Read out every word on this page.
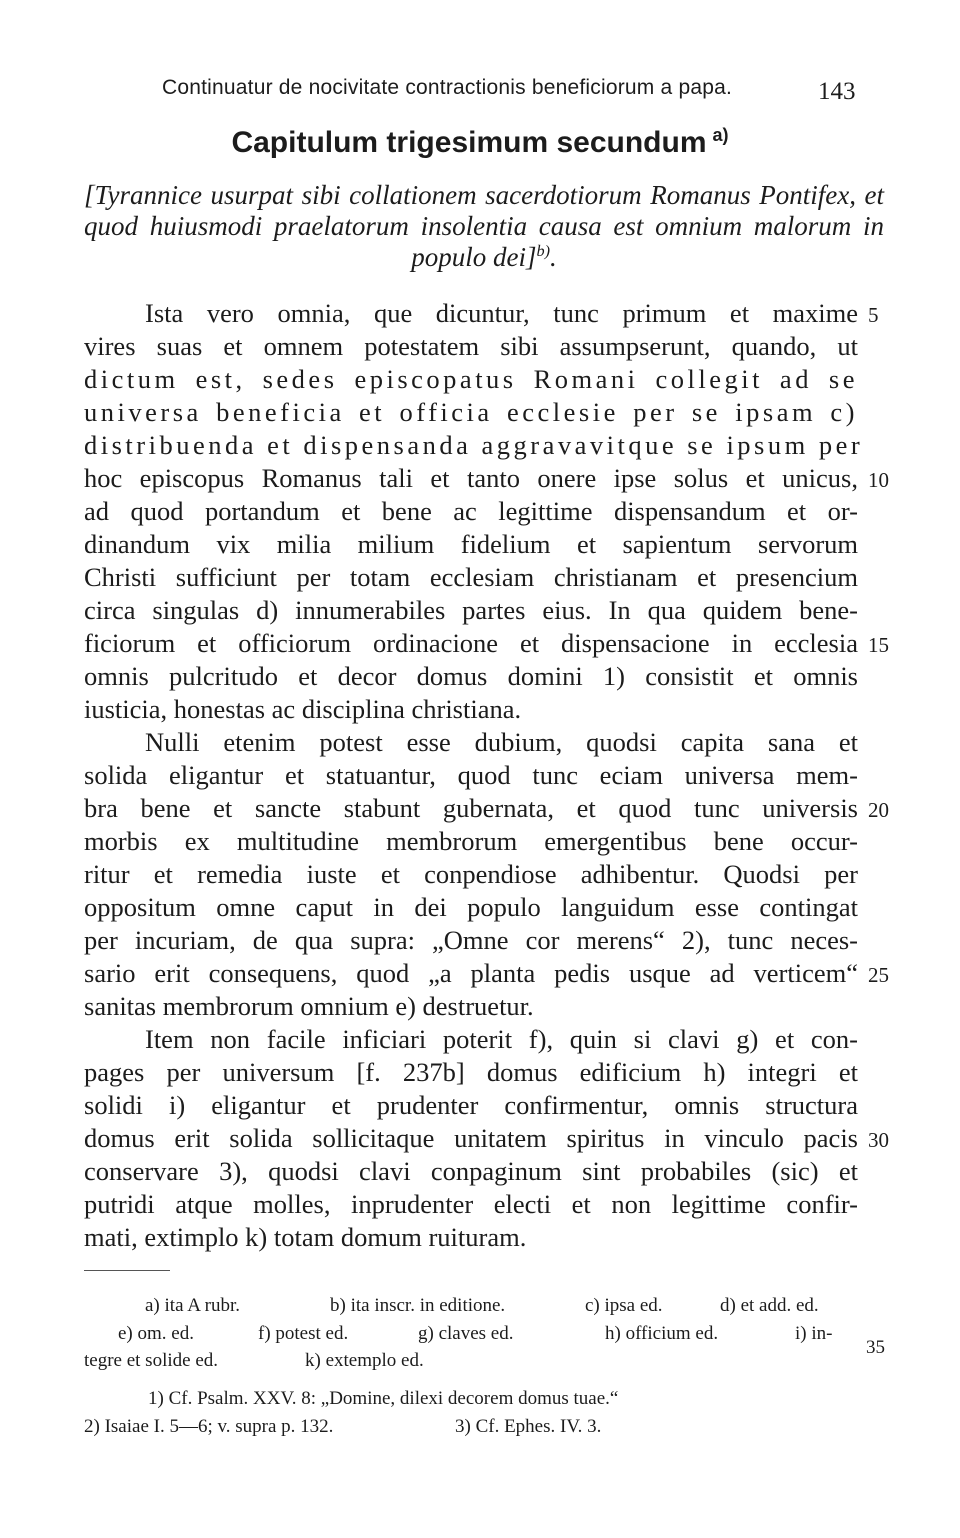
Continuatur de nocivitate contractionis beneficiorum a papa.	143
Capitulum trigesimum secundum  $^{a)}$
[Tyrannice usurpat sibi collationem sacerdotiorum Romanus Pontifex, et quod huiusmodi praelatorum insolentia causa est omnium malorum in populo dei]$^{b)}$.
Ista vero omnia, que dicuntur, tunc primum et maxime
vires suas et omnem potestatem sibi assumpserunt, quando, ut
dictum est, sedes episcopatus Romani collegit ad se
universa beneficia et officia ecclesie per se ipsam c)
distribuenda et dispensanda aggravavitque se ipsum per
hoc episcopus Romanus tali et tanto onere ipse solus et unicus,
ad quod portandum et bene ac legittime dispensandum et or-
dinandum vix milia milium fidelium et sapientum servorum
Christi sufficiunt per totam ecclesiam christianam et presencium
circa singulas d) innumerabiles partes eius. In qua quidem bene-
ficiorum et officiorum ordinacione et dispensacione in ecclesia
omnis pulcritudo et decor domus domini 1) consistit et omnis
iusticia, honestas ac disciplina christiana.
Nulli etenim potest esse dubium, quodsi capita sana et
solida eligantur et statuantur, quod tunc eciam universa mem-
bra bene et sancte stabunt gubernata, et quod tunc universis
morbis ex multitudine membrorum emergentibus bene occur-
ritur et remedia iuste et conpendiose adhibentur. Quodsi per
oppositum omne caput in dei populo languidum esse contingat
per incuriam, de qua supra: „Omne cor merens“ 2), tunc neces-
sario erit consequens, quod „a planta pedis usque ad verticem“
sanitas membrorum omnium e) destruetur.
Item non facile inficiari poterit f), quin si clavi g) et con-
pages per universum [f. 237b] domus edificium h) integri et
solidi i) eligantur et prudenter confirmentur, omnis structura
domus erit solida sollicitaque unitatem spiritus in vinculo pacis
conservare 3), quodsi clavi conpaginum sint probabiles (sic) et
putridi atque molles, inprudenter electi et non legittime confir-
mati, extimplo k) totam domum ruituram.
5
10
15
20
25
30
a) ita A rubr.	b) ita inscr. in editione.	c) ipsa ed.	d) et add. ed.
e) om. ed.	f) potest ed.	g) claves ed.	h) officium ed.	i) in-
35
tegre et solide ed.	k) extemplo ed.
1) Cf. Psalm. XXV. 8: „Domine, dilexi decorem domus tuae.“
2) Isaiae I. 5—6; v. supra p. 132.	3) Cf. Ephes. IV. 3.
